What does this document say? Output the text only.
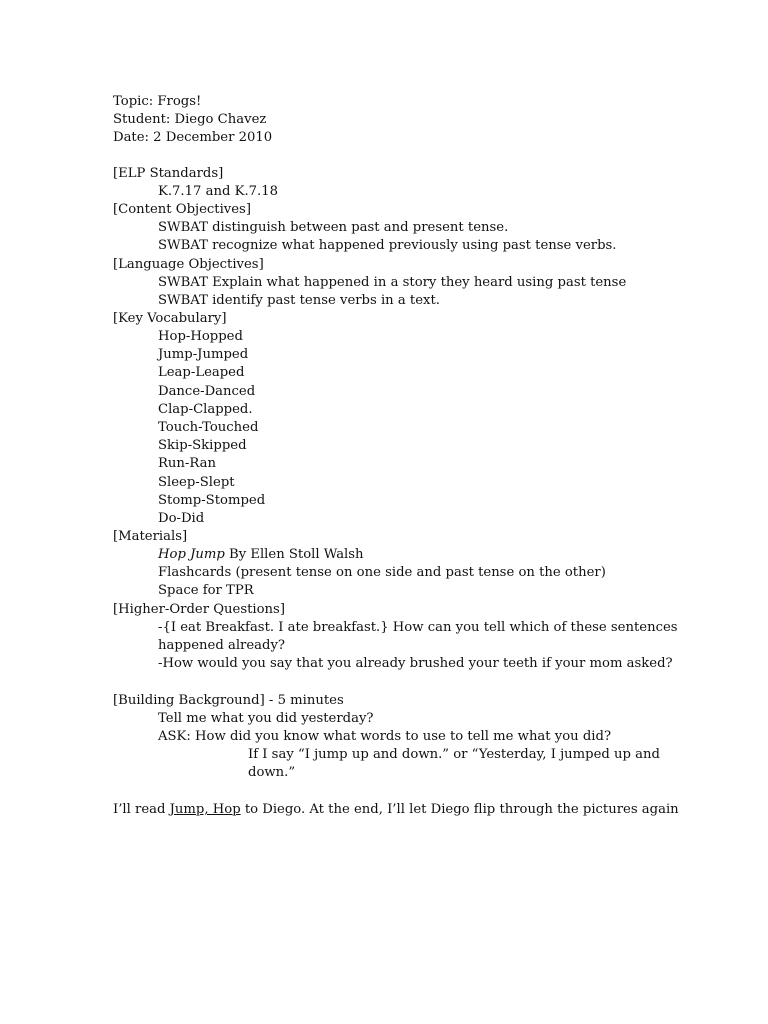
Topic: Frogs!
Student: Diego Chavez
Date: 2 December 2010
[ELP Standards]
K.7.17 and K.7.18
[Content Objectives]
SWBAT distinguish between past and present tense.
SWBAT recognize what happened previously using past tense verbs.
[Language Objectives]
SWBAT Explain what happened in a story they heard using past tense
SWBAT identify past tense verbs in a text.
[Key Vocabulary]
Hop-Hopped
Jump-Jumped
Leap-Leaped
Dance-Danced
Clap-Clapped.
Touch-Touched
Skip-Skipped
Run-Ran
Sleep-Slept
Stomp-Stomped
Do-Did
[Materials]
Hop Jump By Ellen Stoll Walsh
Flashcards (present tense on one side and past tense on the other)
Space for TPR
[Higher-Order Questions]
-{I eat Breakfast. I ate breakfast.} How can you tell which of these sentences
happened already?
-How would you say that you already brushed your teeth if your mom asked?
[Building Background] - 5 minutes
Tell me what you did yesterday?
ASK: How did you know what words to use to tell me what you did?
If I say “I jump up and down.” or “Yesterday, I jumped up and
down.”
I’ll read Jump, Hop to Diego. At the end, I’ll let Diego flip through the pictures again
